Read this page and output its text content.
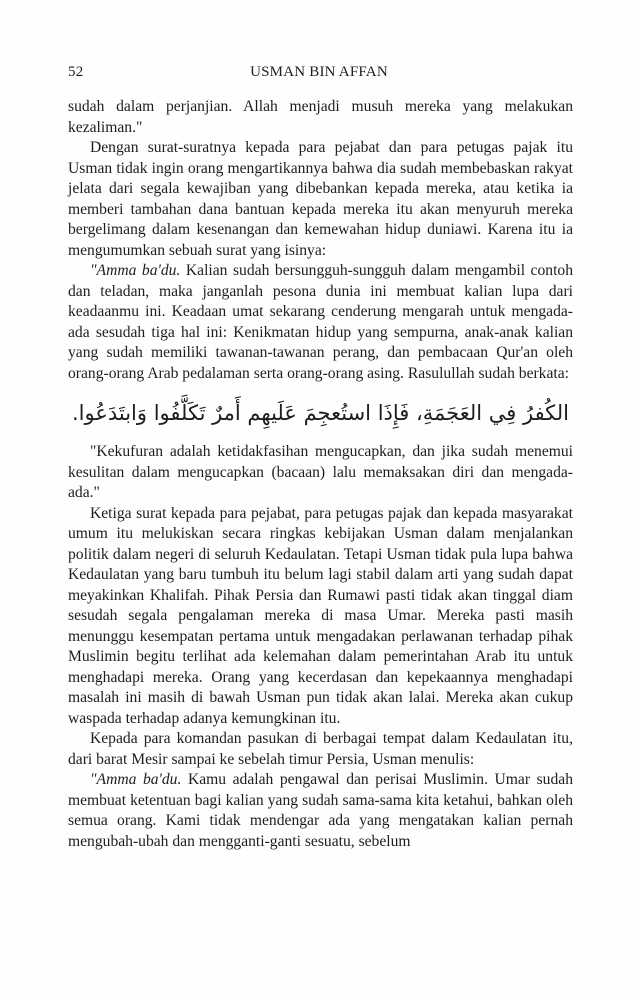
52	USMAN BIN AFFAN

sudah dalam perjanjian. Allah menjadi musuh mereka yang melakukan kezaliman."

Dengan surat-suratnya kepada para pejabat dan para petugas pajak itu Usman tidak ingin orang mengartikannya bahwa dia sudah membebaskan rakyat jelata dari segala kewajiban yang dibebankan kepada mereka, atau ketika ia memberi tambahan dana bantuan kepada mereka itu akan menyuruh mereka bergelimang dalam kesenangan dan kemewahan hidup duniawi. Karena itu ia mengumumkan sebuah surat yang isinya:

"Amma ba'du. Kalian sudah bersungguh-sungguh dalam mengambil contoh dan teladan, maka janganlah pesona dunia ini membuat kalian lupa dari keadaanmu ini. Keadaan umat sekarang cenderung mengarah untuk mengada-ada sesudah tiga hal ini: Kenikmatan hidup yang sempurna, anak-anak kalian yang sudah memiliki tawanan-tawanan perang, dan pembacaan Qur'an oleh orang-orang Arab pedalaman serta orang-orang asing. Rasulullah sudah berkata:

الكُفرُ فِي العَجَمَةِ، فَإِذَا استُعجِمَ عَلَيهِم أَمرٌ تَكَلَّفُوا وَابتَدَعُوا.

"Kekufuran adalah ketidakfasihan mengucapkan, dan jika sudah menemui kesulitan dalam mengucapkan (bacaan) lalu memaksakan diri dan mengada-ada."

Ketiga surat kepada para pejabat, para petugas pajak dan kepada masyarakat umum itu melukiskan secara ringkas kebijakan Usman dalam menjalankan politik dalam negeri di seluruh Kedaulatan. Tetapi Usman tidak pula lupa bahwa Kedaulatan yang baru tumbuh itu belum lagi stabil dalam arti yang sudah dapat meyakinkan Khalifah. Pihak Persia dan Rumawi pasti tidak akan tinggal diam sesudah segala pengalaman mereka di masa Umar. Mereka pasti masih menunggu kesempatan pertama untuk mengadakan perlawanan terhadap pihak Muslimin begitu terlihat ada kelemahan dalam pemerintahan Arab itu untuk menghadapi mereka. Orang yang kecerdasan dan kepekaannya menghadapi masalah ini masih di bawah Usman pun tidak akan lalai. Mereka akan cukup waspada terhadap adanya kemungkinan itu.

Kepada para komandan pasukan di berbagai tempat dalam Kedaulatan itu, dari barat Mesir sampai ke sebelah timur Persia, Usman menulis:

"Amma ba'du. Kamu adalah pengawal dan perisai Muslimin. Umar sudah membuat ketentuan bagi kalian yang sudah sama-sama kita ketahui, bahkan oleh semua orang. Kami tidak mendengar ada yang mengatakan kalian pernah mengubah-ubah dan mengganti-ganti sesuatu, sebelum
